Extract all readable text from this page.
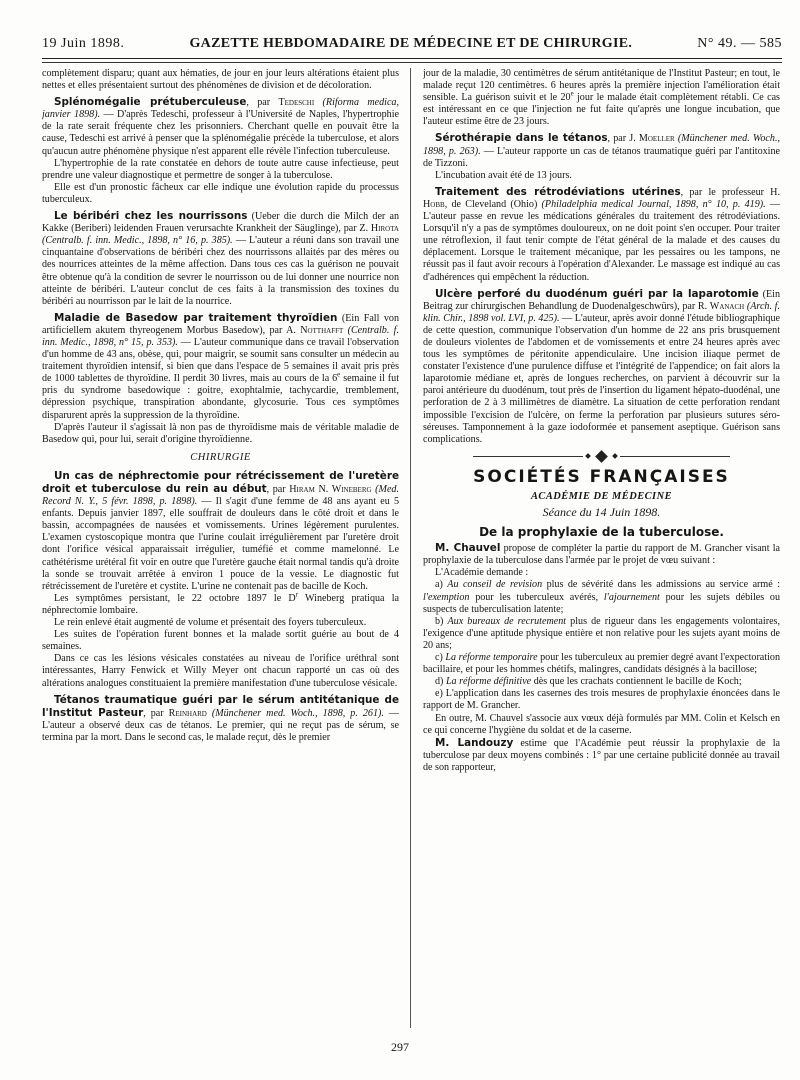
19 Juin 1898.	GAZETTE HEBDOMADAIRE DE MÉDECINE ET DE CHIRURGIE.	N° 49. — 585

complètement disparu; quant aux hématies, de jour en jour leurs altérations étaient plus nettes et elles présentaient surtout des phénomènes de division et de décoloration.

Splénomégalie prétuberculeuse, par Tedeschi (Riforma medica, janvier 1898). — D'après Tedeschi, professeur à l'Université de Naples, l'hypertrophie de la rate serait fréquente chez les prisonniers. Cherchant quelle en pouvait être la cause, Tedeschi est arrivé à penser que la splénomégalie précède la tuberculose, et alors qu'aucun autre phénomène physique n'est apparent elle révèle l'infection tuberculeuse.

L'hypertrophie de la rate constatée en dehors de toute autre cause infectieuse, peut prendre une valeur diagnostique et permettre de songer à la tuberculose.

Elle est d'un pronostic fâcheux car elle indique une évolution rapide du processus tuberculeux.

Le béribéri chez les nourrissons (Ueber die durch die Milch der an Kakke (Beriberi) leidenden Frauen verursachte Krankheit der Säuglinge), par Z. Hirota (Centralb. f. inn. Medic., 1898, n° 16, p. 385). — L'auteur a réuni dans son travail une cinquantaine d'observations de béribéri chez des nourrissons allaités par des mères ou des nourrices atteintes de la même affection. Dans tous ces cas la guérison ne pouvait être obtenue qu'à la condition de sevrer le nourrisson ou de lui donner une nourrice non atteinte de béribéri. L'auteur conclut de ces faits à la transmission des toxines du béribéri au nourrisson par le lait de la nourrice.

Maladie de Basedow par traitement thyroïdien (Ein Fall von artificiellem akutem thyreogenem Morbus Basedow), par A. Notthafft (Centralb. f. inn. Medic., 1898, n° 15, p. 353). — L'auteur communique dans ce travail l'observation d'un homme de 43 ans, obèse, qui, pour maigrir, se soumit sans consulter un médecin au traitement thyroïdien intensif, si bien que dans l'espace de 5 semaines il avait pris près de 1000 tablettes de thyroïdine. Il perdit 30 livres, mais au cours de la 6e semaine il fut pris du syndrome basedowique : goitre, exophtalmie, tachycardie, tremblement, dépression psychique, transpiration abondante, glycosurie. Tous ces symptômes disparurent après la suppression de la thyroïdine.

D'après l'auteur il s'agissait là non pas de thyroïdisme mais de véritable maladie de Basedow qui, pour lui, serait d'origine thyroïdienne.

CHIRURGIE

Un cas de néphrectomie pour rétrécissement de l'uretère droit et tuberculose du rein au début, par Hiram N. Wineberg (Med. Record N. Y., 5 févr. 1898, p. 1898). — Il s'agit d'une femme de 48 ans ayant eu 5 enfants. Depuis janvier 1897, elle souffrait de douleurs dans le côté droit et dans le bassin, accompagnées de nausées et vomissements. Urines légèrement purulentes. L'examen cystoscopique montra que l'urine coulait irrégulièrement par l'uretère droit dont l'orifice vésical apparaissait irrégulier, tuméfié et comme mamelonné. Le cathétérisme urétéral fit voir en outre que l'uretère gauche était normal tandis qu'à droite la sonde se trouvait arrêtée à environ 1 pouce de la vessie. Le diagnostic fut rétrécissement de l'uretère et cystite. L'urine ne contenait pas de bacille de Koch.

Les symptômes persistant, le 22 octobre 1897 le $D^r$ Wineberg pratiqua la néphrectomie lombaire.

Le rein enlevé était augmenté de volume et présentait des foyers tuberculeux.

Les suites de l'opération furent bonnes et la malade sortit guérie au bout de 4 semaines.

Dans ce cas les lésions vésicales constatées au niveau de l'orifice uréthral sont intéressantes, Harry Fenwick et Willy Meyer ont chacun rapporté un cas où des altérations analogues constituaient la première manifestation d'une tuberculose vésicale.

Tétanos traumatique guéri par le sérum antitétanique de l'Institut Pasteur, par Reinhard (Münchener med. Woch., 1898, p. 261). — L'auteur a observé deux cas de tétanos. Le premier, qui ne reçut pas de sérum, se termina par la mort. Dans le second cas, le malade reçut, dès le premier

jour de la maladie, 30 centimètres de sérum antitétanique de l'Institut Pasteur; en tout, le malade reçut 120 centimètres. 6 heures après la première injection l'amélioration était sensible. La guérison suivit et le 20e jour le malade était complètement rétabli. Ce cas est intéressant en ce que l'injection ne fut faite qu'après une longue incubation, que l'auteur estime être de 23 jours.

Sérothérapie dans le tétanos, par J. Moeller (Münchener med. Woch., 1898, p. 263). — L'auteur rapporte un cas de tétanos traumatique guéri par l'antitoxine de Tizzoni.

L'incubation avait été de 13 jours.

Traitement des rétrodéviations utérines, par le professeur H. Hobb, de Cleveland (Ohio) (Philadelphia medical Journal, 1898, n° 10, p. 419). — L'auteur passe en revue les médications générales du traitement des rétrodéviations. Lorsqu'il n'y a pas de symptômes douloureux, on ne doit point s'en occuper. Pour traiter une rétroflexion, il faut tenir compte de l'état général de la malade et des causes du déplacement. Lorsque le traitement mécanique, par les pessaires ou les tampons, ne réussit pas il faut avoir recours à l'opération d'Alexander. Le massage est indiqué au cas d'adhérences qui empêchent la réduction.

Ulcère perforé du duodénum guéri par la laparotomie (Ein Beitrag zur chirurgischen Behandlung de Duodenalgeschwürs), par R. Wanach (Arch. f. klin. Chir., 1898 vol. LVI, p. 425). — L'auteur, après avoir donné l'étude bibliographique de cette question, communique l'observation d'un homme de 22 ans pris brusquement de douleurs violentes de l'abdomen et de vomissements et entre 24 heures après avec tous les symptômes de péritonite appendiculaire. Une incision iliaque permet de constater l'existence d'une purulence diffuse et l'intégrité de l'appendice; on fait alors la laparotomie médiane et, après de longues recherches, on parvient à découvrir sur la paroi antérieure du duodénum, tout près de l'insertion du ligament hépato-duodénal, une perforation de 2 à 3 millimètres de diamètre. La situation de cette perforation rendant impossible l'excision de l'ulcère, on ferme la perforation par plusieurs sutures séro-séreuses. Tamponnement à la gaze iodoformée et pansement aseptique. Guérison sans complications.

SOCIÉTÉS FRANÇAISES

ACADÉMIE DE MÉDECINE

Séance du 14 Juin 1898.

De la prophylaxie de la tuberculose.

M. Chauvel propose de compléter la partie du rapport de M. Grancher visant la prophylaxie de la tuberculose dans l'armée par le projet de vœu suivant :

L'Académie demande :

a) Au conseil de revision plus de sévérité dans les admissions au service armé : l'exemption pour les tuberculeux avérés, l'ajournement pour les sujets débiles ou suspects de tuberculisation latente;

b) Aux bureaux de recrutement plus de rigueur dans les engagements volontaires, l'exigence d'une aptitude physique entière et non relative pour les sujets ayant moins de 20 ans;

c) La réforme temporaire pour les tuberculeux au premier degré avant l'expectoration bacillaire, et pour les hommes chétifs, malingres, candidats désignés à la bacillose;

d) La réforme définitive dès que les crachats contiennent le bacille de Koch;

e) L'application dans les casernes des trois mesures de prophylaxie énoncées dans le rapport de M. Grancher.

En outre, M. Chauvel s'associe aux vœux déjà formulés par MM. Colin et Kelsch en ce qui concerne l'hygiène du soldat et de la caserne.

M. Landouzy estime que l'Académie peut réussir la prophylaxie de la tuberculose par deux moyens combinés : 1° par une certaine publicité donnée au travail de son rapporteur,

297
